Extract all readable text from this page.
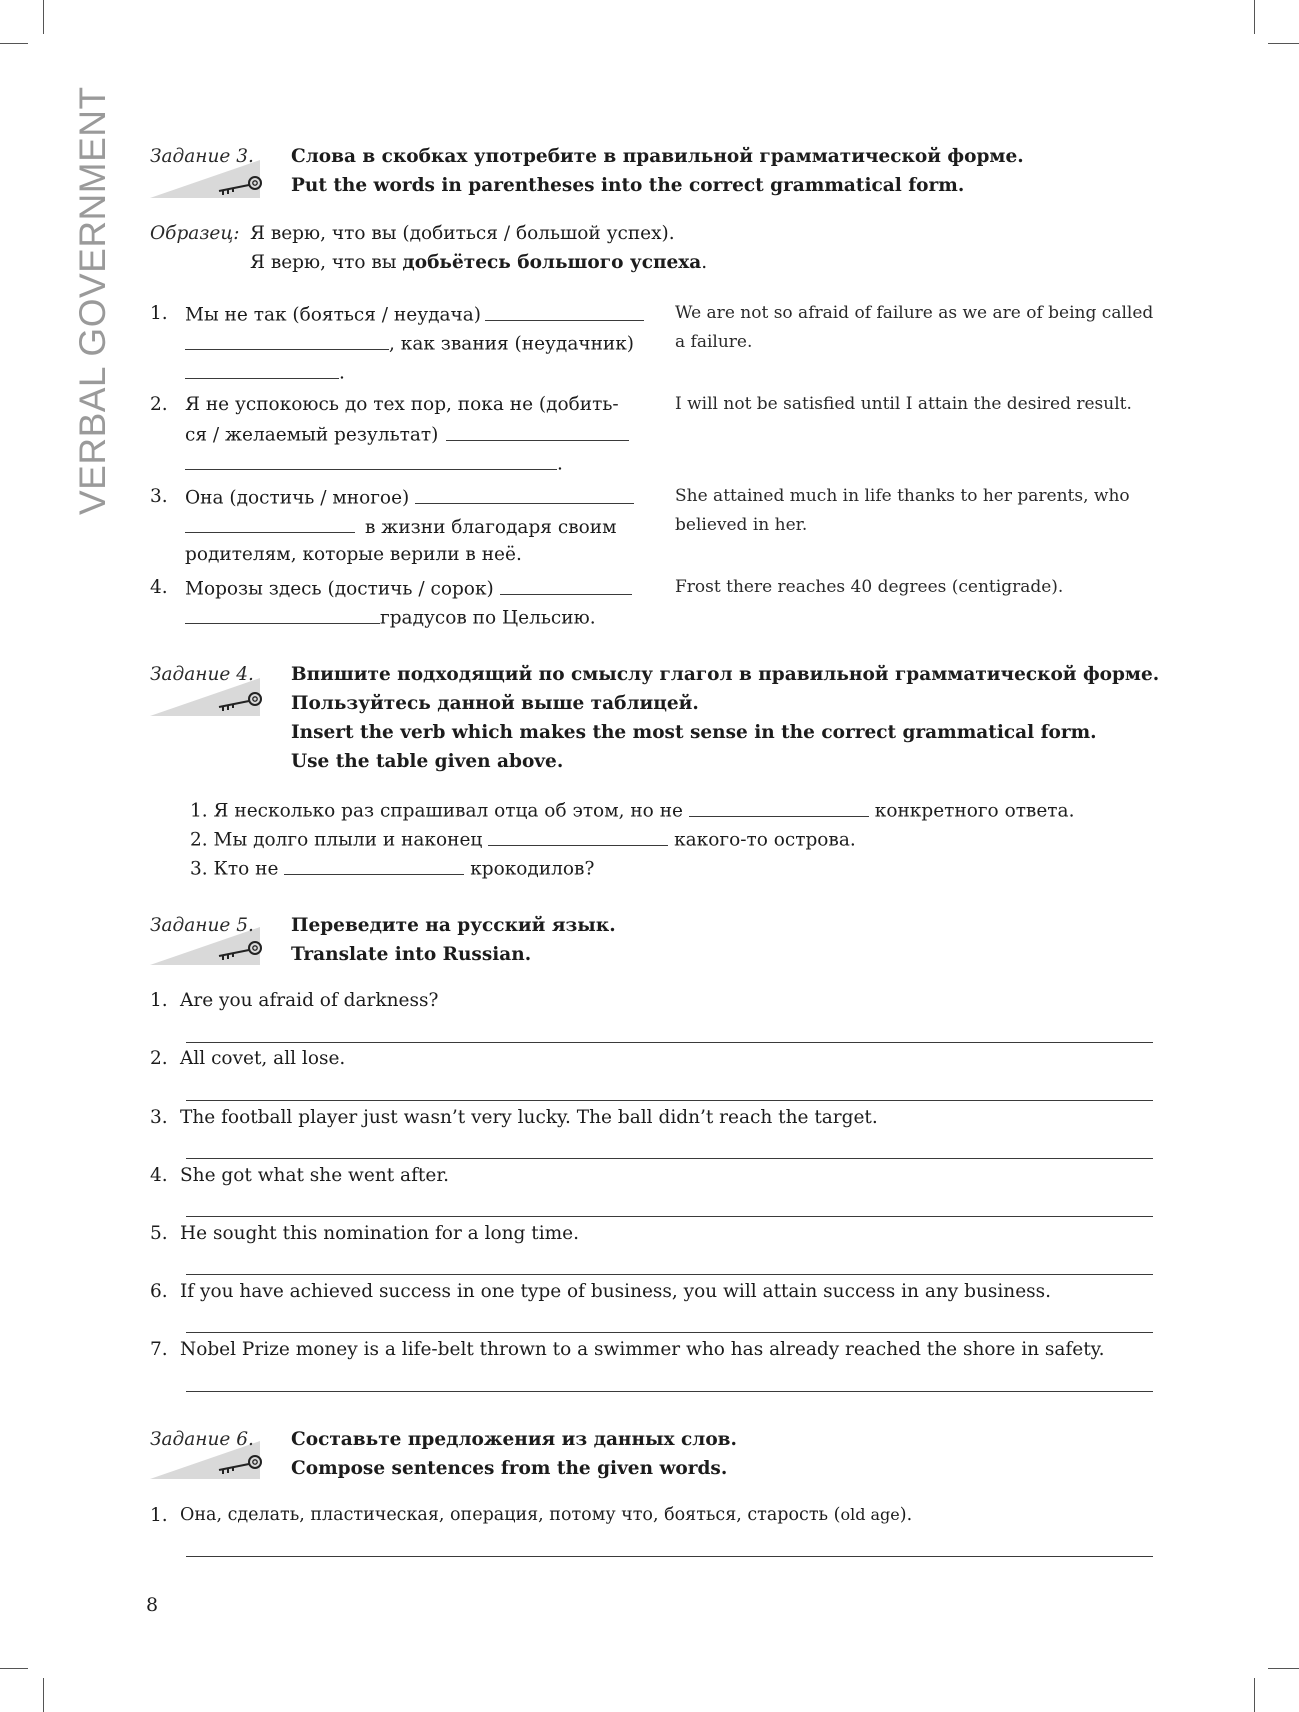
VERBAL GOVERNMENT Задание 3. Слова в скобках употребите в правильной грамматической форме.
Put the words in parentheses into the correct grammatical form.
Образец: Я верю, что вы (добиться / большой успех).
Я верю, что вы добьётесь большого успеха.
1. Мы не так (бояться / неудача)
, как звания (неудачник)
.
We are not so afraid of failure as we are of being called
a failure.
2. Я не успокоюсь до тех пор, пока не (добить-
ся / желаемый результат)
.
I will not be satisfied until I attain the desired result.
3. Она (достичь / многое)
в жизни благодаря своим
родителям, которые верили в неё.
She attained much in life thanks to her parents, who
believed in her.
4. Морозы здесь (достичь / сорок)
градусов по Цельсию.
Frost there reaches 40 degrees (centigrade).
Задание 4. Впишите подходящий по смыслу глагол в правильной грамматической форме.
Пользуйтесь данной выше таблицей.
Insert the verb which makes the most sense in the correct grammatical form.
Use the table given above.
1. Я несколько раз спрашивал отца об этом, но не	конкретного ответа.
2. Мы долго плыли и наконец	какого-то острова.
3. Кто не	крокодилов?
Задание 5. Переведите на русский язык.
Translate into Russian.
1. Are you afraid of darkness?
2. All covet, all lose.
3. The football player just wasn’t very lucky. The ball didn’t reach the target.
4. She got what she went after.
5. He sought this nomination for a long time.
6. If you have achieved success in one type of business, you will attain success in any business.
7. Nobel Prize money is a life-belt thrown to a swimmer who has already reached the shore in safety.
Задание 6. Составьте предложения из данных слов.
Compose sentences from the given words.
1. Она, сделать, пластическая, операция, потому что, бояться, старость (old age).
8
